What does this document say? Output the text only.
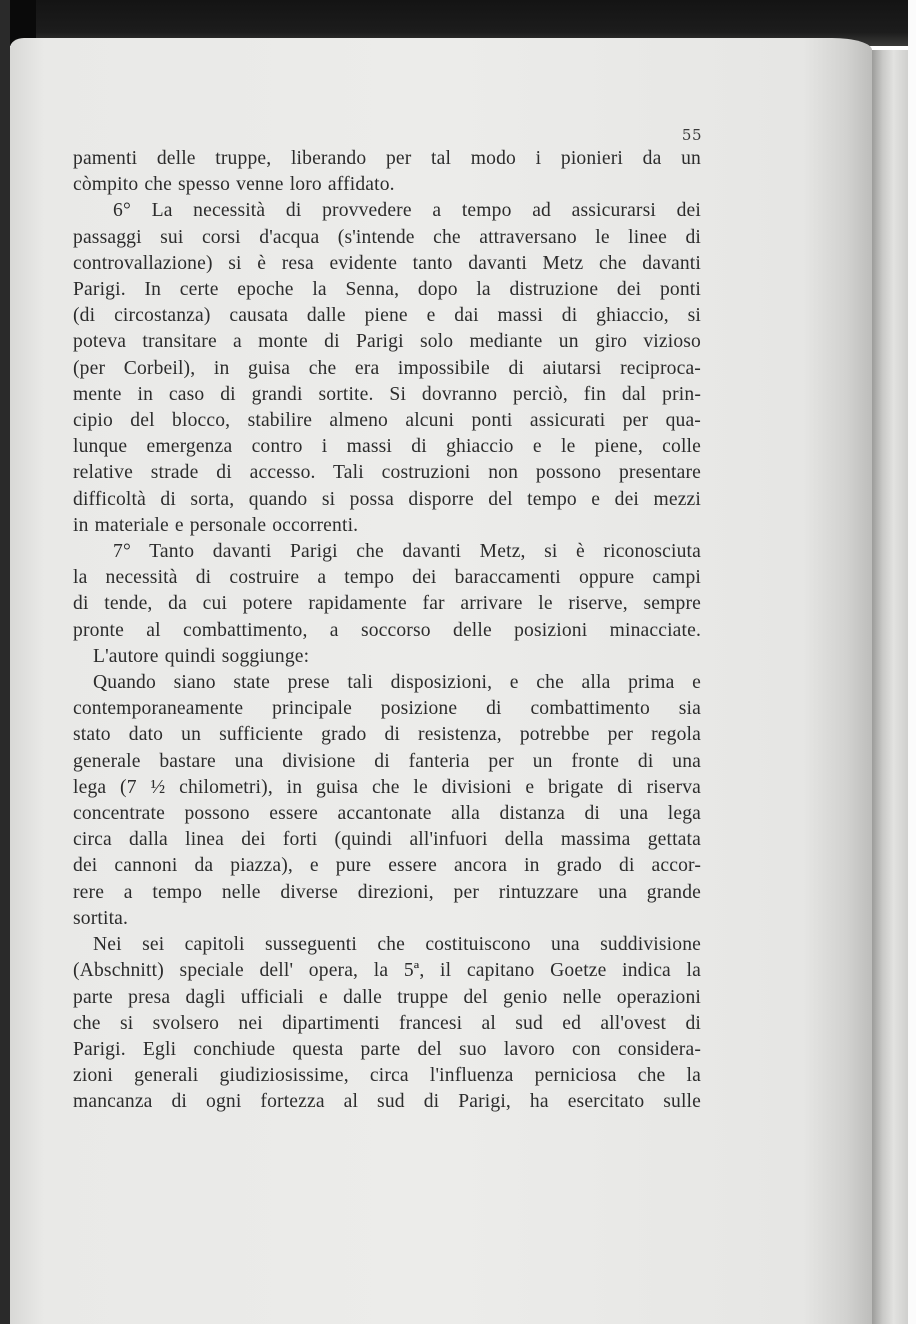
55

pamenti delle truppe, liberando per tal modo i pionieri da un
còmpito che spesso venne loro affidato.

6° La necessità di provvedere a tempo ad assicurarsi dei
passaggi sui corsi d'acqua (s'intende che attraversano le linee di
controvallazione) si è resa evidente tanto davanti Metz che davanti
Parigi. In certe epoche la Senna, dopo la distruzione dei ponti
(di circostanza) causata dalle piene e dai massi di ghiaccio, si
poteva transitare a monte di Parigi solo mediante un giro vizioso
(per Corbeil), in guisa che era impossibile di aiutarsi reciproca-
mente in caso di grandi sortite. Si dovranno perciò, fin dal prin-
cipio del blocco, stabilire almeno alcuni ponti assicurati per qua-
lunque emergenza contro i massi di ghiaccio e le piene, colle
relative strade di accesso. Tali costruzioni non possono presentare
difficoltà di sorta, quando si possa disporre del tempo e dei mezzi
in materiale e personale occorrenti.

7° Tanto davanti Parigi che davanti Metz, si è riconosciuta
la necessità di costruire a tempo dei baraccamenti oppure campi
di tende, da cui potere rapidamente far arrivare le riserve, sempre
pronte al combattimento, a soccorso delle posizioni minacciate.

L'autore quindi soggiunge:

Quando siano state prese tali disposizioni, e che alla prima e
contemporaneamente principale posizione di combattimento sia
stato dato un sufficiente grado di resistenza, potrebbe per regola
generale bastare una divisione di fanteria per un fronte di una
lega (7 ½ chilometri), in guisa che le divisioni e brigate di riserva
concentrate possono essere accantonate alla distanza di una lega
circa dalla linea dei forti (quindi all'infuori della massima gettata
dei cannoni da piazza), e pure essere ancora in grado di accor-
rere a tempo nelle diverse direzioni, per rintuzzare una grande
sortita.

Nei sei capitoli susseguenti che costituiscono una suddivisione
(Abschnitt) speciale dell' opera, la 5ª, il capitano Goetze indica la
parte presa dagli ufficiali e dalle truppe del genio nelle operazioni
che si svolsero nei dipartimenti francesi al sud ed all'ovest di
Parigi. Egli conchiude questa parte del suo lavoro con considera-
zioni generali giudiziosissime, circa l'influenza perniciosa che la
mancanza di ogni fortezza al sud di Parigi, ha esercitato sulle
